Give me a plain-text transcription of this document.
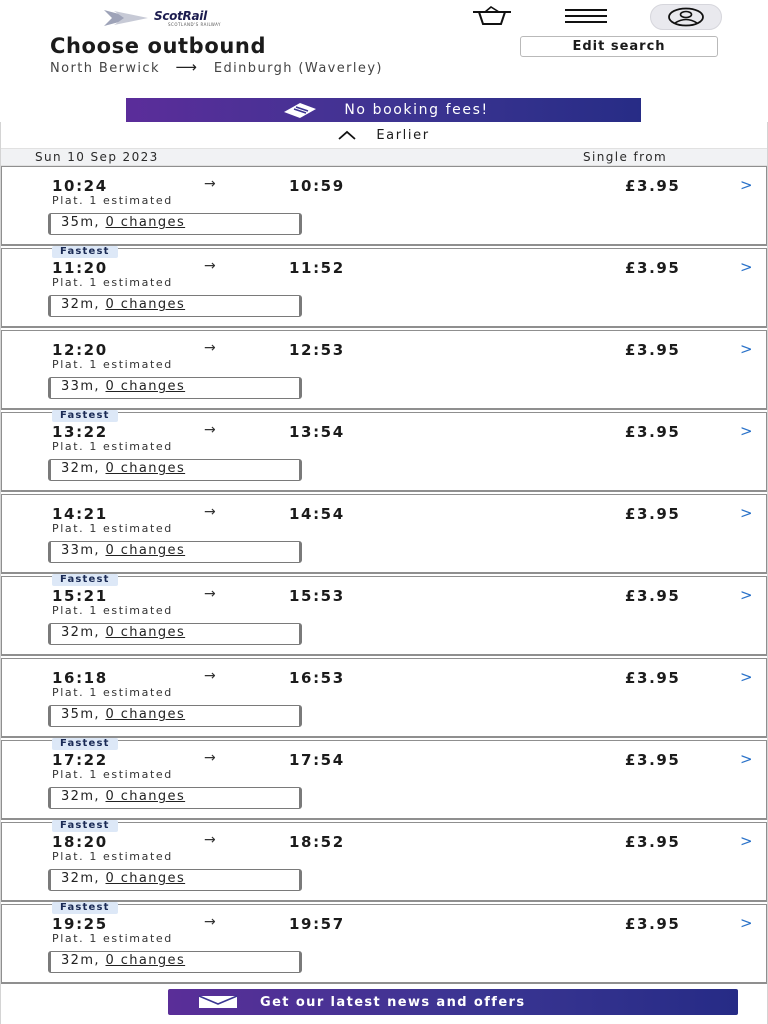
ScotRail
SCOTLAND'S RAILWAY
Choose outbound	Edit search
North Berwick ⟶ Edinburgh (Waverley)
No booking fees!
Earlier
Sun 10 Sep 2023	Single from
10:24	→	10:59
Plat. 1 estimated
£3.95	>
35m, 0 changes
Fastest
11:20	→	11:52
Plat. 1 estimated
£3.95	>
32m, 0 changes
12:20	→	12:53
Plat. 1 estimated
£3.95	>
33m, 0 changes
Fastest
13:22	→	13:54
Plat. 1 estimated
£3.95	>
32m, 0 changes
14:21	→	14:54
Plat. 1 estimated
£3.95	>
33m, 0 changes
Fastest
15:21	→	15:53
Plat. 1 estimated
£3.95	>
32m, 0 changes
16:18	→	16:53
Plat. 1 estimated
£3.95	>
35m, 0 changes
Fastest
17:22	→	17:54
Plat. 1 estimated
£3.95	>
32m, 0 changes
Fastest
18:20	→	18:52
Plat. 1 estimated
£3.95	>
32m, 0 changes
Fastest
19:25	→	19:57
Plat. 1 estimated
£3.95	>
32m, 0 changes
Get our latest news and offers
